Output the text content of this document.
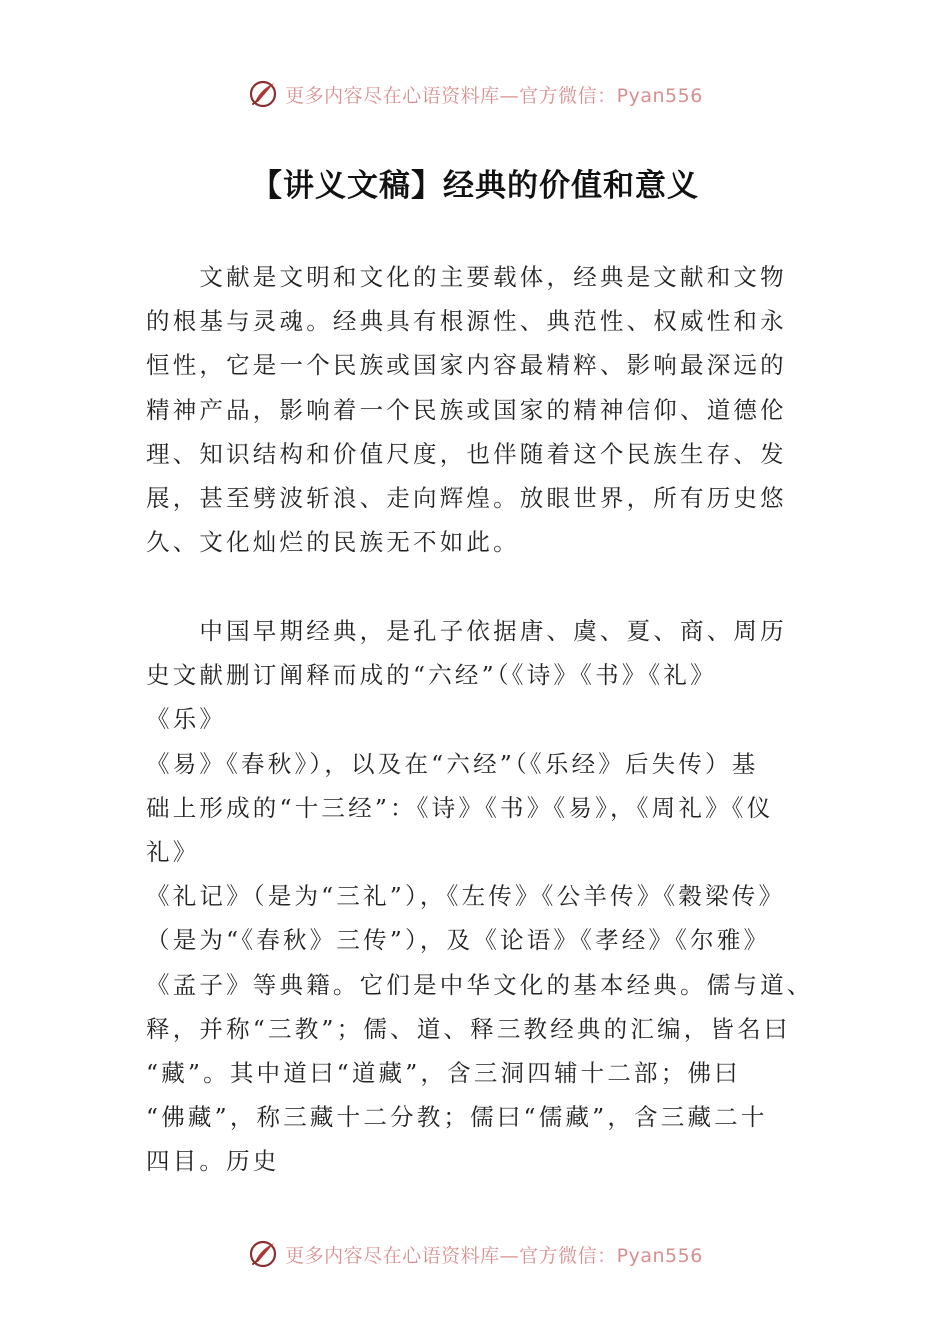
更多内容尽在心语资料库—官方微信：Pyan556
【讲义文稿】经典的价值和意义
　　文献是文明和文化的主要载体，经典是文献和文物
的根基与灵魂。经典具有根源性、典范性、权威性和永
恒性，它是一个民族或国家内容最精粹、影响最深远的
精神产品，影响着一个民族或国家的精神信仰、道德伦
理、知识结构和价值尺度，也伴随着这个民族生存、发
展，甚至劈波斩浪、走向辉煌。放眼世界，所有历史悠
久、文化灿烂的民族无不如此。
　　中国早期经典，是孔子依据唐、虞、夏、商、周历
史文献删订阐释而成的“六经”（《诗》《书》《礼》
《乐》
《易》《春秋》），以及在“六经”（《乐经》后失传）基
础上形成的“十三经”：《诗》《书》《易》，《周礼》《仪
礼》
《礼记》（是为“三礼”），《左传》《公羊传》《穀梁传》
（是为“《春秋》三传”），及《论语》《孝经》《尔雅》
《孟子》等典籍。它们是中华文化的基本经典。儒与道、
释，并称“三教”；儒、道、释三教经典的汇编，皆名曰
“藏”。其中道曰“道藏”，含三洞四辅十二部；佛曰
“佛藏”，称三藏十二分教；儒曰“儒藏”，含三藏二十
四目。历史
更多内容尽在心语资料库—官方微信：Pyan556
